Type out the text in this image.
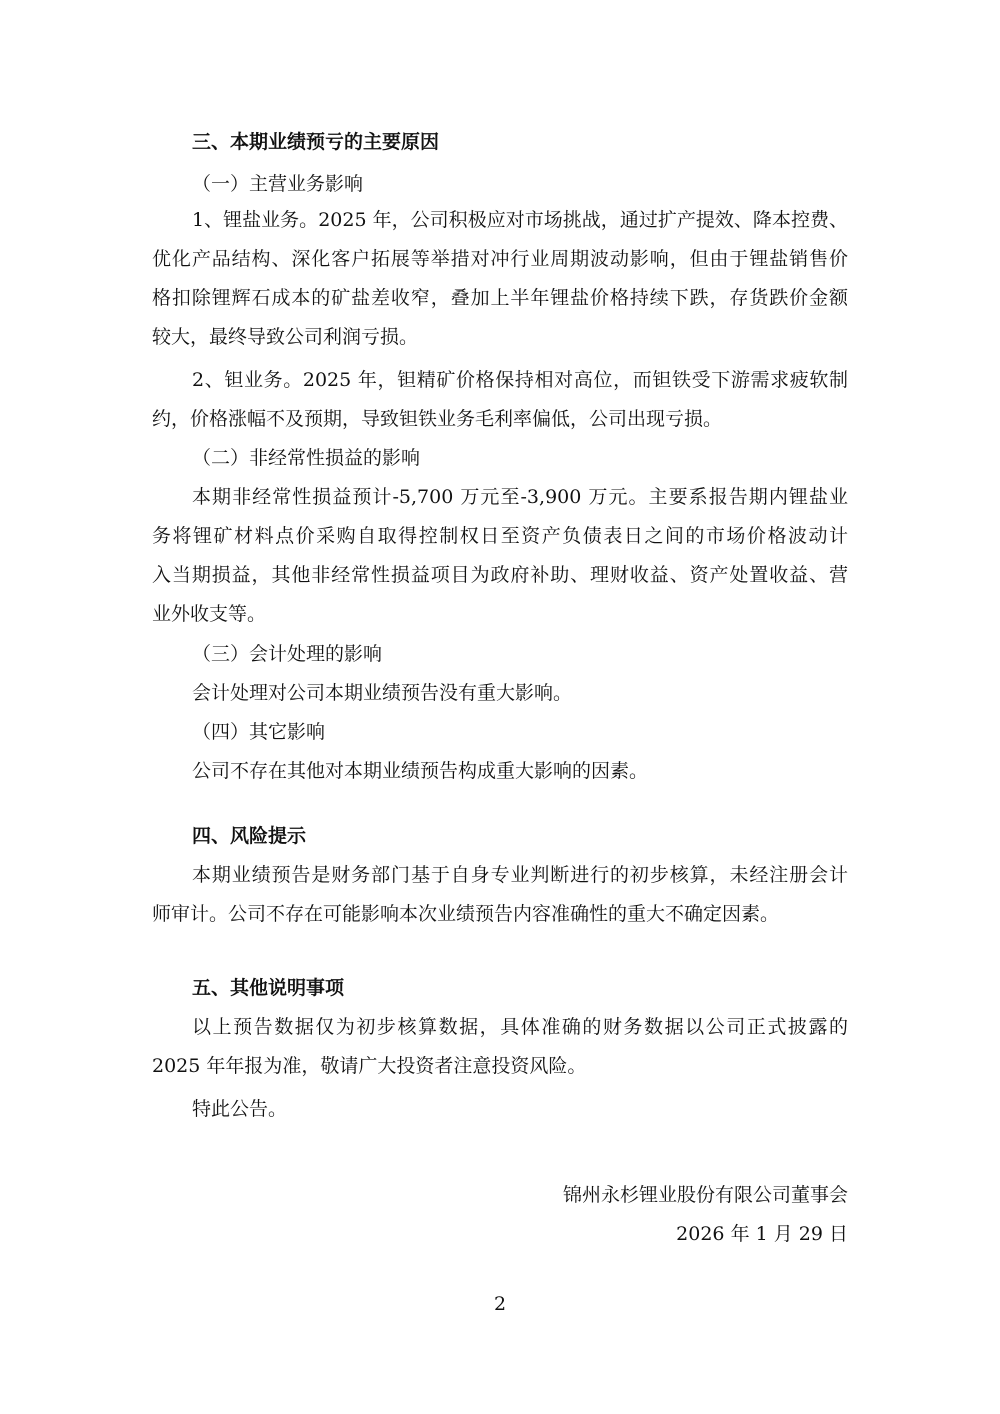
三、本期业绩预亏的主要原因

（一）主营业务影响

1、锂盐业务。2025 年，公司积极应对市场挑战，通过扩产提效、降本控费、

优化产品结构、深化客户拓展等举措对冲行业周期波动影响，但由于锂盐销售价

格扣除锂辉石成本的矿盐差收窄，叠加上半年锂盐价格持续下跌，存货跌价金额

较大，最终导致公司利润亏损。

2、钽业务。2025 年，钽精矿价格保持相对高位，而钽铁受下游需求疲软制

约，价格涨幅不及预期，导致钽铁业务毛利率偏低，公司出现亏损。

（二）非经常性损益的影响

本期非经常性损益预计-5,700 万元至-3,900 万元。主要系报告期内锂盐业

务将锂矿材料点价采购自取得控制权日至资产负债表日之间的市场价格波动计

入当期损益，其他非经常性损益项目为政府补助、理财收益、资产处置收益、营

业外收支等。

（三）会计处理的影响

会计处理对公司本期业绩预告没有重大影响。

（四）其它影响

公司不存在其他对本期业绩预告构成重大影响的因素。

四、风险提示

本期业绩预告是财务部门基于自身专业判断进行的初步核算，未经注册会计

师审计。公司不存在可能影响本次业绩预告内容准确性的重大不确定因素。

五、其他说明事项

以上预告数据仅为初步核算数据，具体准确的财务数据以公司正式披露的

2025 年年报为准，敬请广大投资者注意投资风险。

特此公告。

锦州永杉锂业股份有限公司董事会

2026 年 1 月 29 日

2
